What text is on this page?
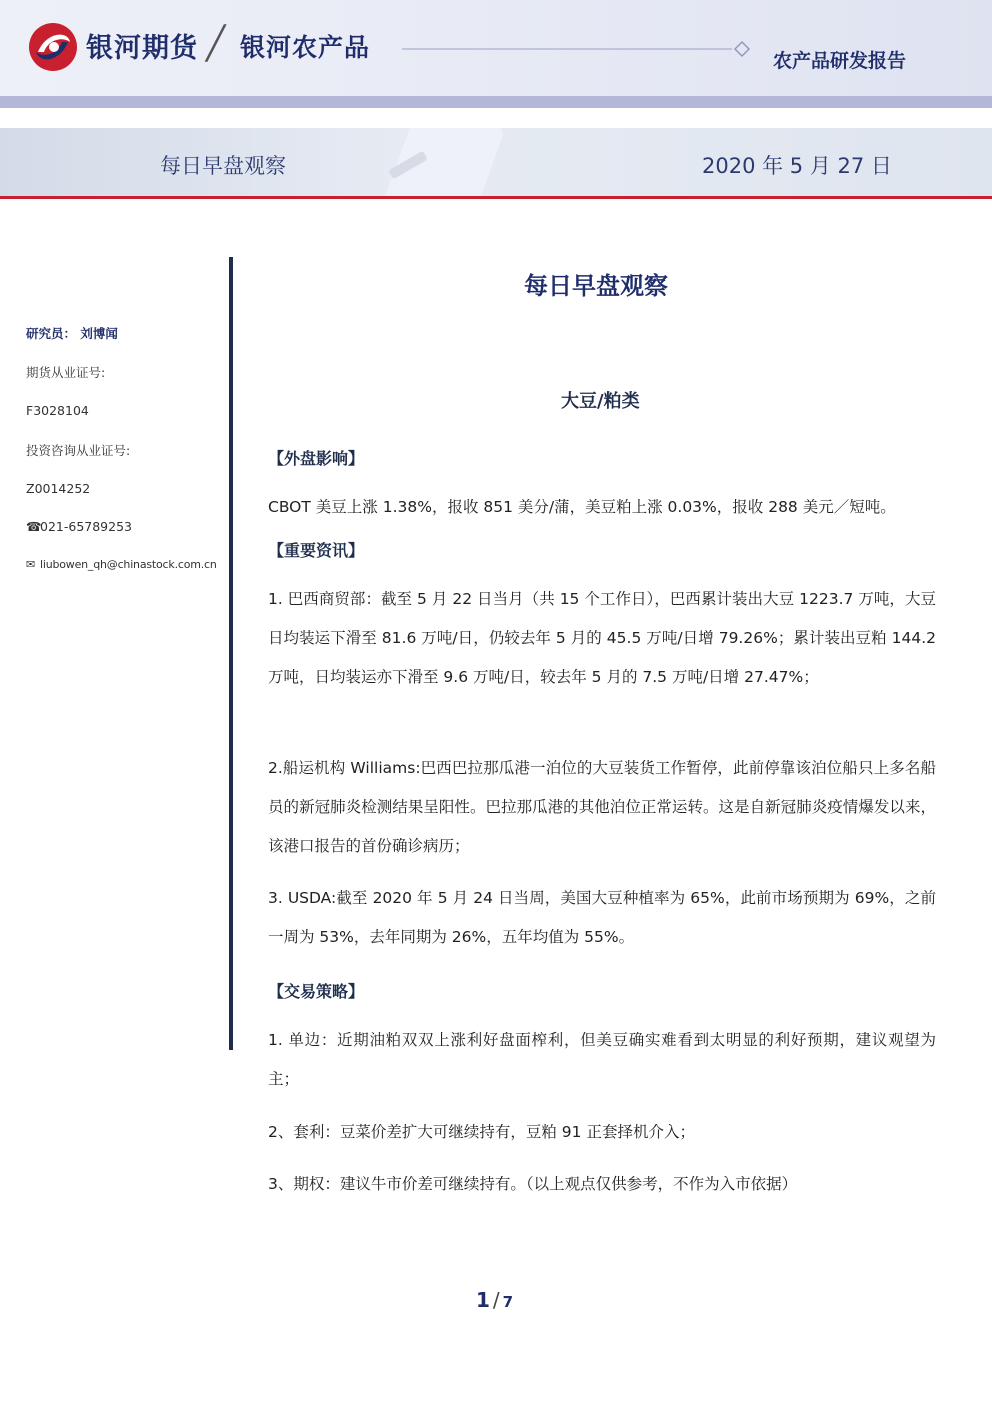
银河期货 ╱ 银河农产品	农产品研发报告
每日早盘观察	2020 年 5 月 27 日
研究员： 刘博闻
期货从业证号:
F3028104
投资咨询从业证号:
Z0014252
☎021-65789253
✉ liubowen_qh@chinastock.com.cn
每日早盘观察
大豆/粕类
【外盘影响】
CBOT 美豆上涨 1.38%，报收 851 美分/蒲，美豆粕上涨 0.03%，报收 288 美元／短吨。
【重要资讯】
1. 巴西商贸部：截至 5 月 22 日当月（共 15 个工作日），巴西累计装出大豆 1223.7 万吨，大豆日均装运下滑至 81.6 万吨/日，仍较去年 5 月的 45.5 万吨/日增 79.26%；累计装出豆粕 144.2 万吨，日均装运亦下滑至 9.6 万吨/日，较去年 5 月的 7.5 万吨/日增 27.47%；
2.船运机构 Williams:巴西巴拉那瓜港一泊位的大豆装货工作暂停，此前停靠该泊位船只上多名船员的新冠肺炎检测结果呈阳性。巴拉那瓜港的其他泊位正常运转。这是自新冠肺炎疫情爆发以来，该港口报告的首份确诊病历；
3. USDA:截至 2020 年 5 月 24 日当周，美国大豆种植率为 65%，此前市场预期为 69%，之前一周为 53%，去年同期为 26%，五年均值为 55%。
【交易策略】
1. 单边：近期油粕双双上涨利好盘面榨利，但美豆确实难看到太明显的利好预期，建议观望为主；
2、套利：豆菜价差扩大可继续持有，豆粕 91 正套择机介入；
3、期权：建议牛市价差可继续持有。（以上观点仅供参考，不作为入市依据）
1 / 7
